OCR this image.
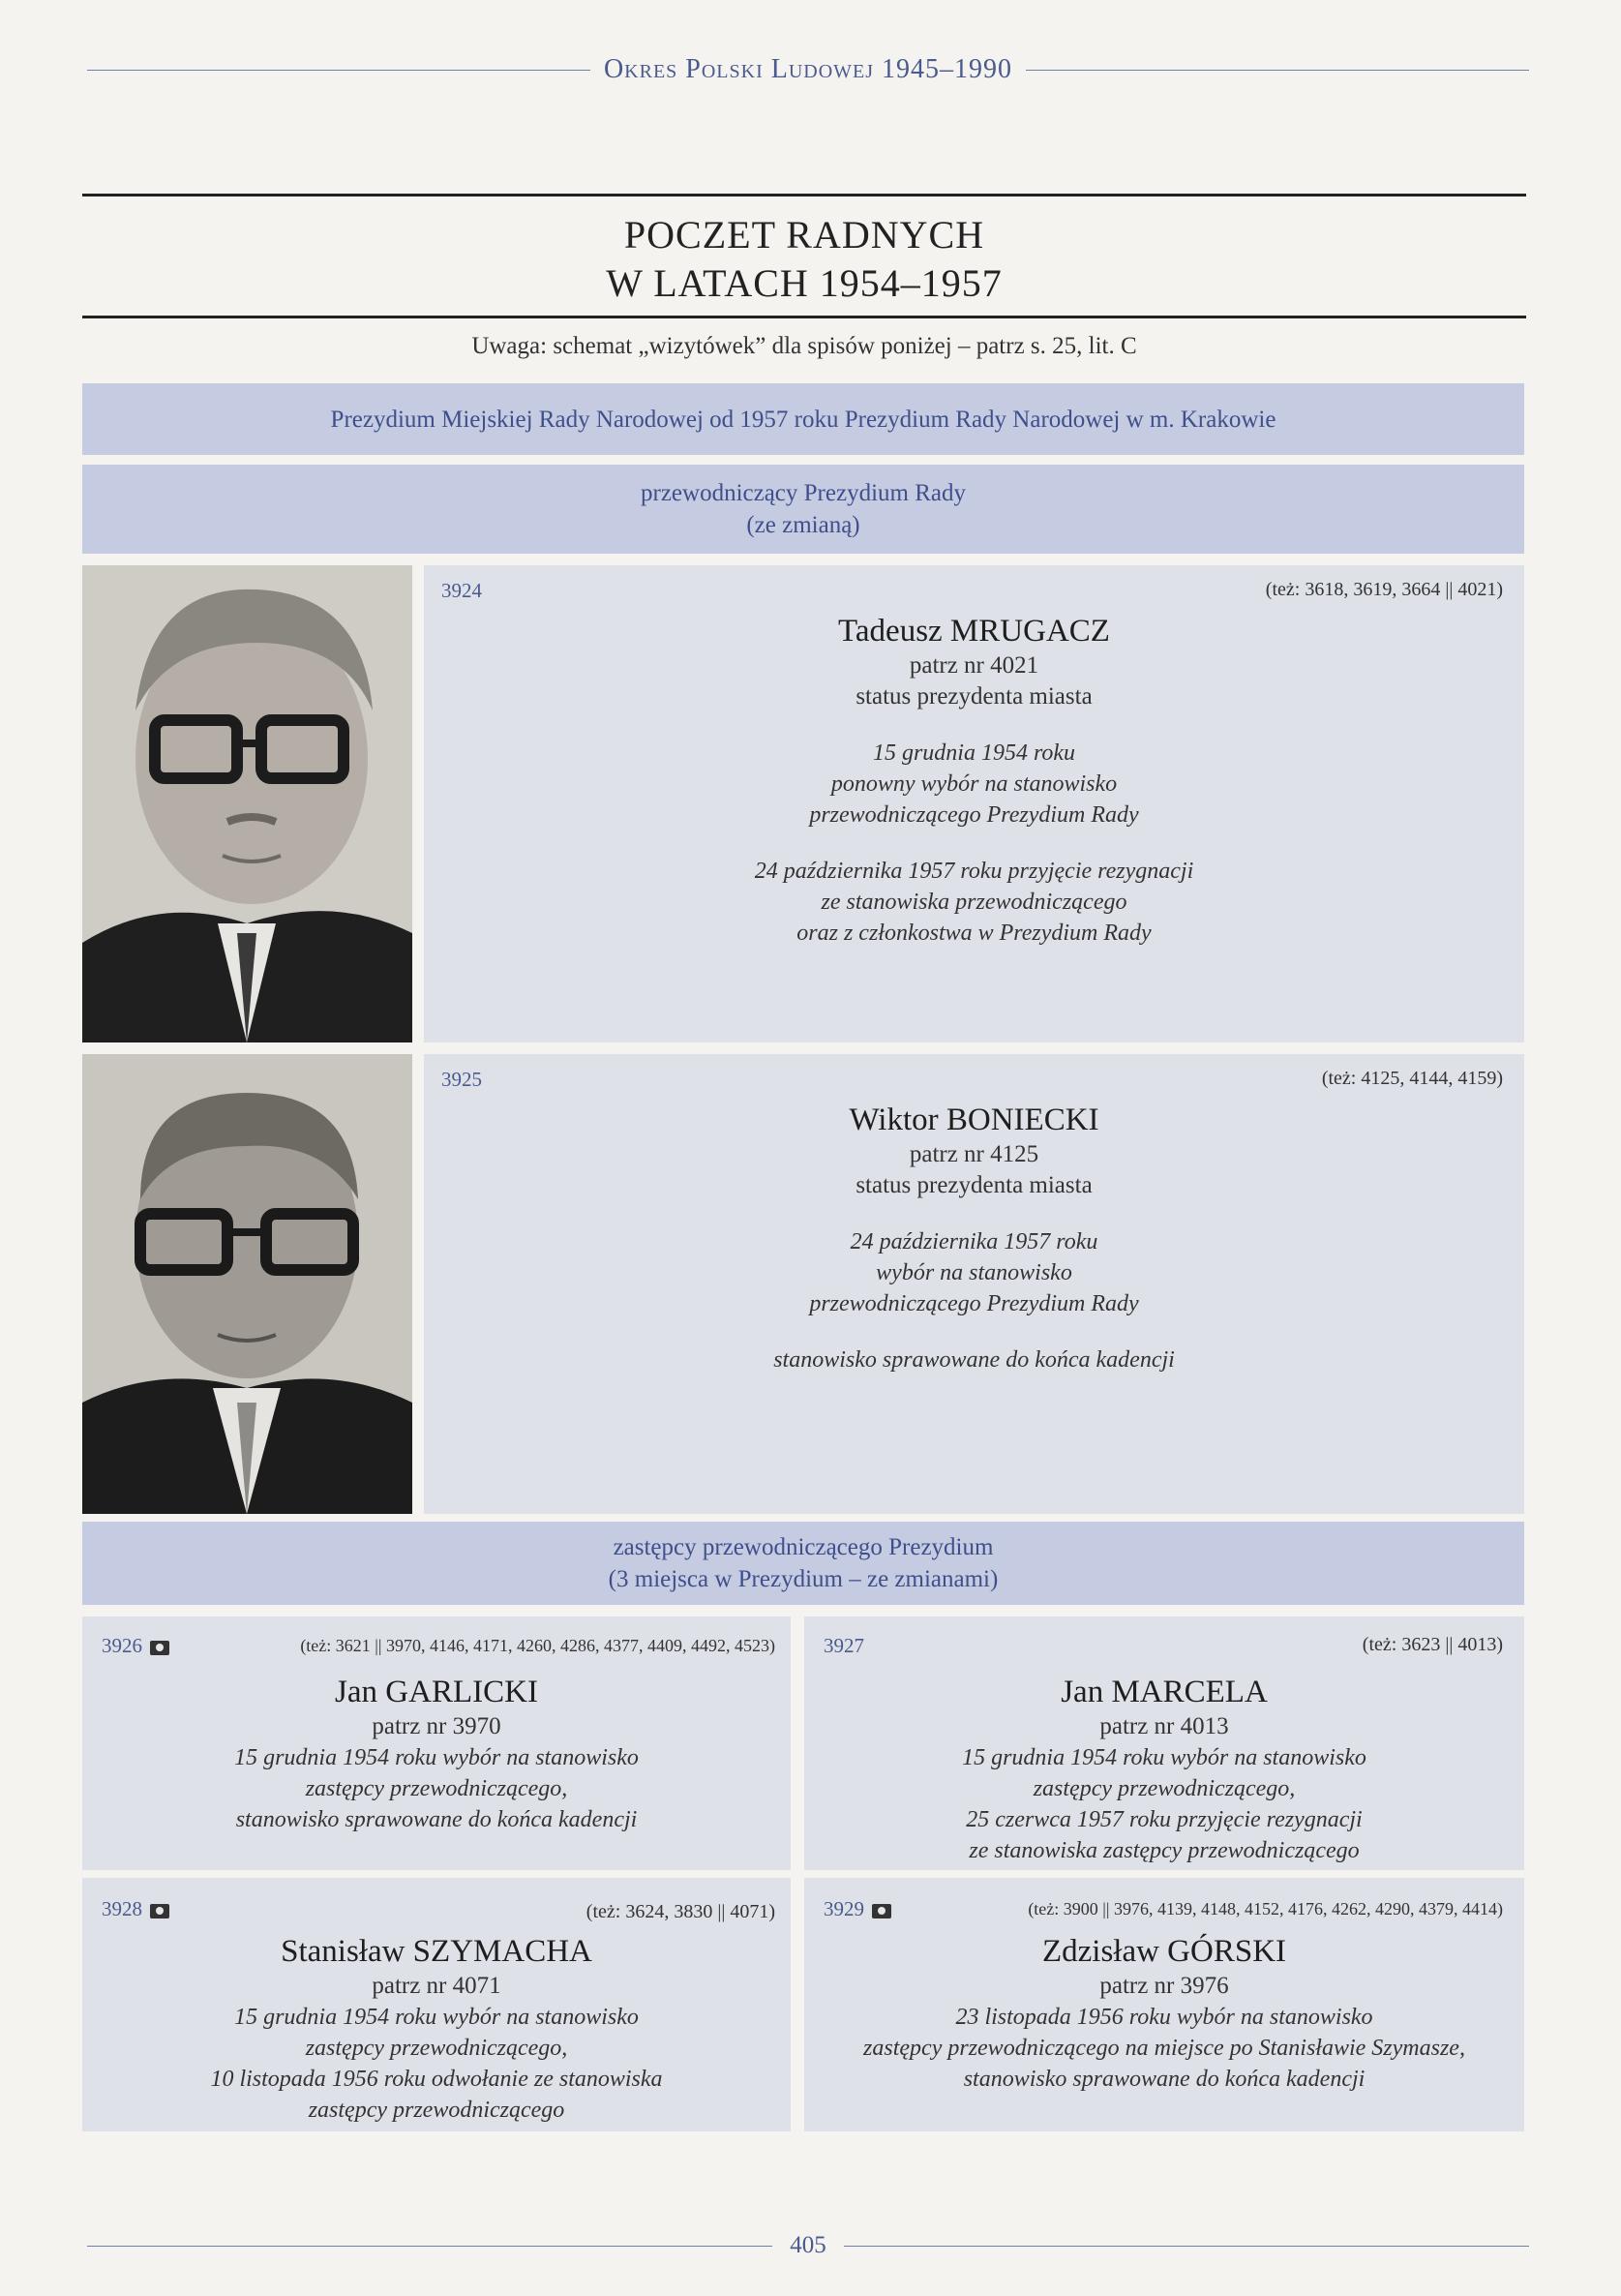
Okres Polski Ludowej 1945–1990
POCZET RADNYCH
W LATACH 1954–1957
Uwaga: schemat „wizytówek” dla spisów poniżej – patrz s. 25, lit. C
Prezydium Miejskiej Rady Narodowej od 1957 roku Prezydium Rady Narodowej w m. Krakowie
przewodniczący Prezydium Rady
(ze zmianą)
3924	(też: 3618, 3619, 3664 || 4021)
Tadeusz MRUGACZ
patrz nr 4021
status prezydenta miasta
15 grudnia 1954 roku
ponowny wybór na stanowisko
przewodniczącego Prezydium Rady
24 października 1957 roku przyjęcie rezygnacji
ze stanowiska przewodniczącego
oraz z członkostwa w Prezydium Rady
3925	(też: 4125, 4144, 4159)
Wiktor BONIECKI
patrz nr 4125
status prezydenta miasta
24 października 1957 roku
wybór na stanowisko
przewodniczącego Prezydium Rady
stanowisko sprawowane do końca kadencji
zastępcy przewodniczącego Prezydium
(3 miejsca w Prezydium – ze zmianami)
3926	(też: 3621 || 3970, 4146, 4171, 4260, 4286, 4377, 4409, 4492, 4523)
Jan GARLICKI
patrz nr 3970
15 grudnia 1954 roku wybór na stanowisko
zastępcy przewodniczącego,
stanowisko sprawowane do końca kadencji
3927	(też: 3623 || 4013)
Jan MARCELA
patrz nr 4013
15 grudnia 1954 roku wybór na stanowisko
zastępcy przewodniczącego,
25 czerwca 1957 roku przyjęcie rezygnacji
ze stanowiska zastępcy przewodniczącego
3928	(też: 3624, 3830 || 4071)
Stanisław SZYMACHA
patrz nr 4071
15 grudnia 1954 roku wybór na stanowisko
zastępcy przewodniczącego,
10 listopada 1956 roku odwołanie ze stanowiska
zastępcy przewodniczącego
3929	(też: 3900 || 3976, 4139, 4148, 4152, 4176, 4262, 4290, 4379, 4414)
Zdzisław GÓRSKI
patrz nr 3976
23 listopada 1956 roku wybór na stanowisko
zastępcy przewodniczącego na miejsce po Stanisławie Szymasze,
stanowisko sprawowane do końca kadencji
405
